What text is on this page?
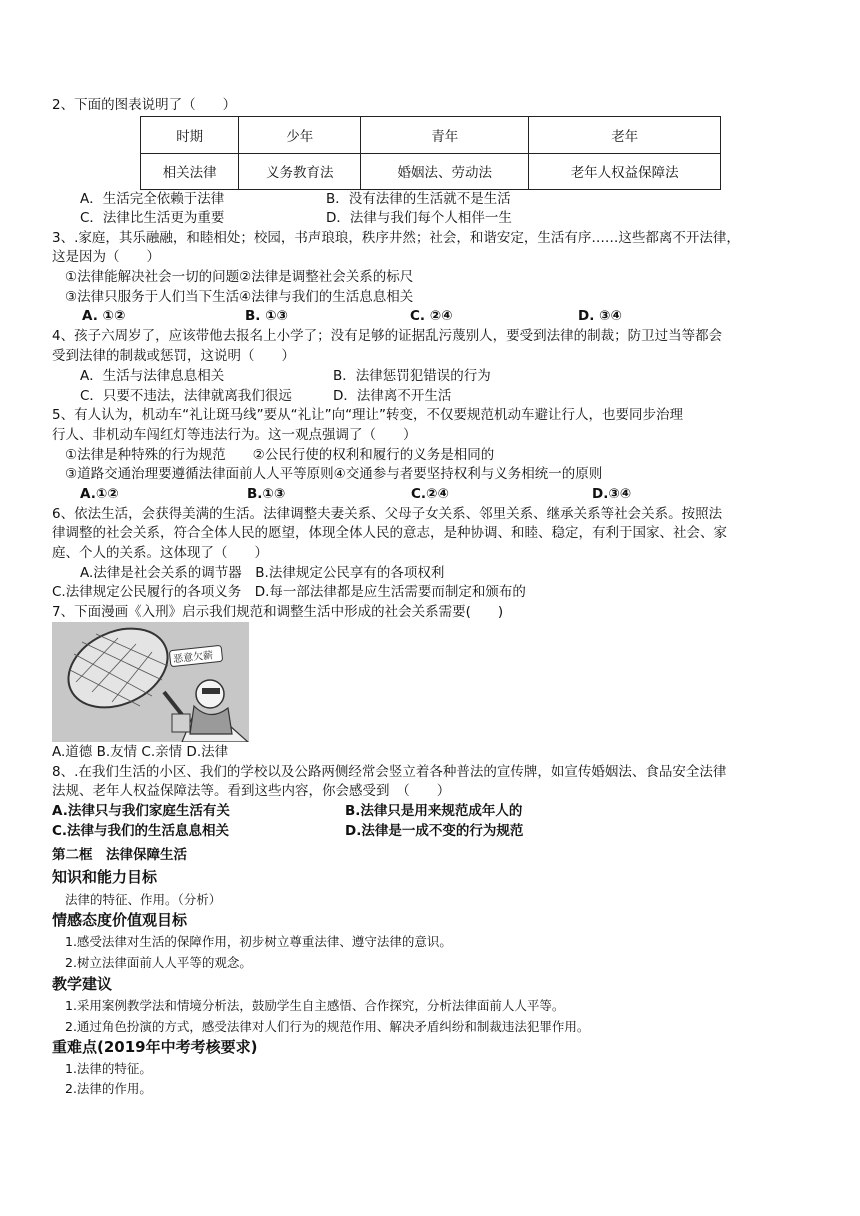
2、下面的图表说明了（　　）
时期	少年	青年	老年
相关法律	义务教育法	婚姻法、劳动法	老年人权益保障法
A．生活完全依赖于法律	B．没有法律的生活就不是生活
C．法律比生活更为重要	D．法律与我们每个人相伴一生
3、.家庭，其乐融融，和睦相处；校园，书声琅琅，秩序井然；社会，和谐安定，生活有序……这些都离不开法律，
这是因为（　　）
①法律能解决社会一切的问题②法律是调整社会关系的标尺
③法律只服务于人们当下生活④法律与我们的生活息息相关
A. ①②	B. ①③	C. ②④	D. ③④
4、孩子六周岁了，应该带他去报名上小学了；没有足够的证据乱污蔑别人，要受到法律的制裁；防卫过当等都会
受到法律的制裁或惩罚，这说明（　　）
A．生活与法律息息相关	B．法律惩罚犯错误的行为
C．只要不违法，法律就离我们很远	D．法律离不开生活
5、有人认为，机动车“礼让斑马线”要从“礼让”向“理让”转变，不仅要规范机动车避让行人，也要同步治理
行人、非机动车闯红灯等违法行为。这一观点强调了（　　）
①法律是种特殊的行为规范　　②公民行使的权利和履行的义务是相同的
③道路交通治理要遵循法律面前人人平等原则④交通参与者要坚持权利与义务相统一的原则
A.①②	B.①③	C.②④	D.③④
6、依法生活，会获得美满的生活。法律调整夫妻关系、父母子女关系、邻里关系、继承关系等社会关系。按照法
律调整的社会关系，符合全体人民的愿望，体现全体人民的意志，是种协调、和睦、稳定，有利于国家、社会、家
庭、个人的关系。这体现了（　　）
A.法律是社会关系的调节器　B.法律规定公民享有的各项权利
C.法律规定公民履行的各项义务　D.每一部法律都是应生活需要而制定和颁布的
7、下面漫画《入刑》启示我们规范和调整生活中形成的社会关系需要(　　)
恶意欠薪
A.道德 B.友情 C.亲情 D.法律
8、.在我们生活的小区、我们的学校以及公路两侧经常会竖立着各种普法的宣传牌，如宣传婚姻法、食品安全法律
法规、老年人权益保障法等。看到这些内容，你会感受到　（　　）
A.法律只与我们家庭生活有关	B.法律只是用来规范成年人的
C.法律与我们的生活息息相关	D.法律是一成不变的行为规范
第二框　法律保障生活
知识和能力目标
法律的特征、作用。（分析）
情感态度价值观目标
1.感受法律对生活的保障作用，初步树立尊重法律、遵守法律的意识。
2.树立法律面前人人平等的观念。
教学建议
1.采用案例教学法和情境分析法，鼓励学生自主感悟、合作探究，分析法律面前人人平等。
2.通过角色扮演的方式，感受法律对人们行为的规范作用、解决矛盾纠纷和制裁违法犯罪作用。
重难点(2019年中考考核要求)
1.法律的特征。
2.法律的作用。
